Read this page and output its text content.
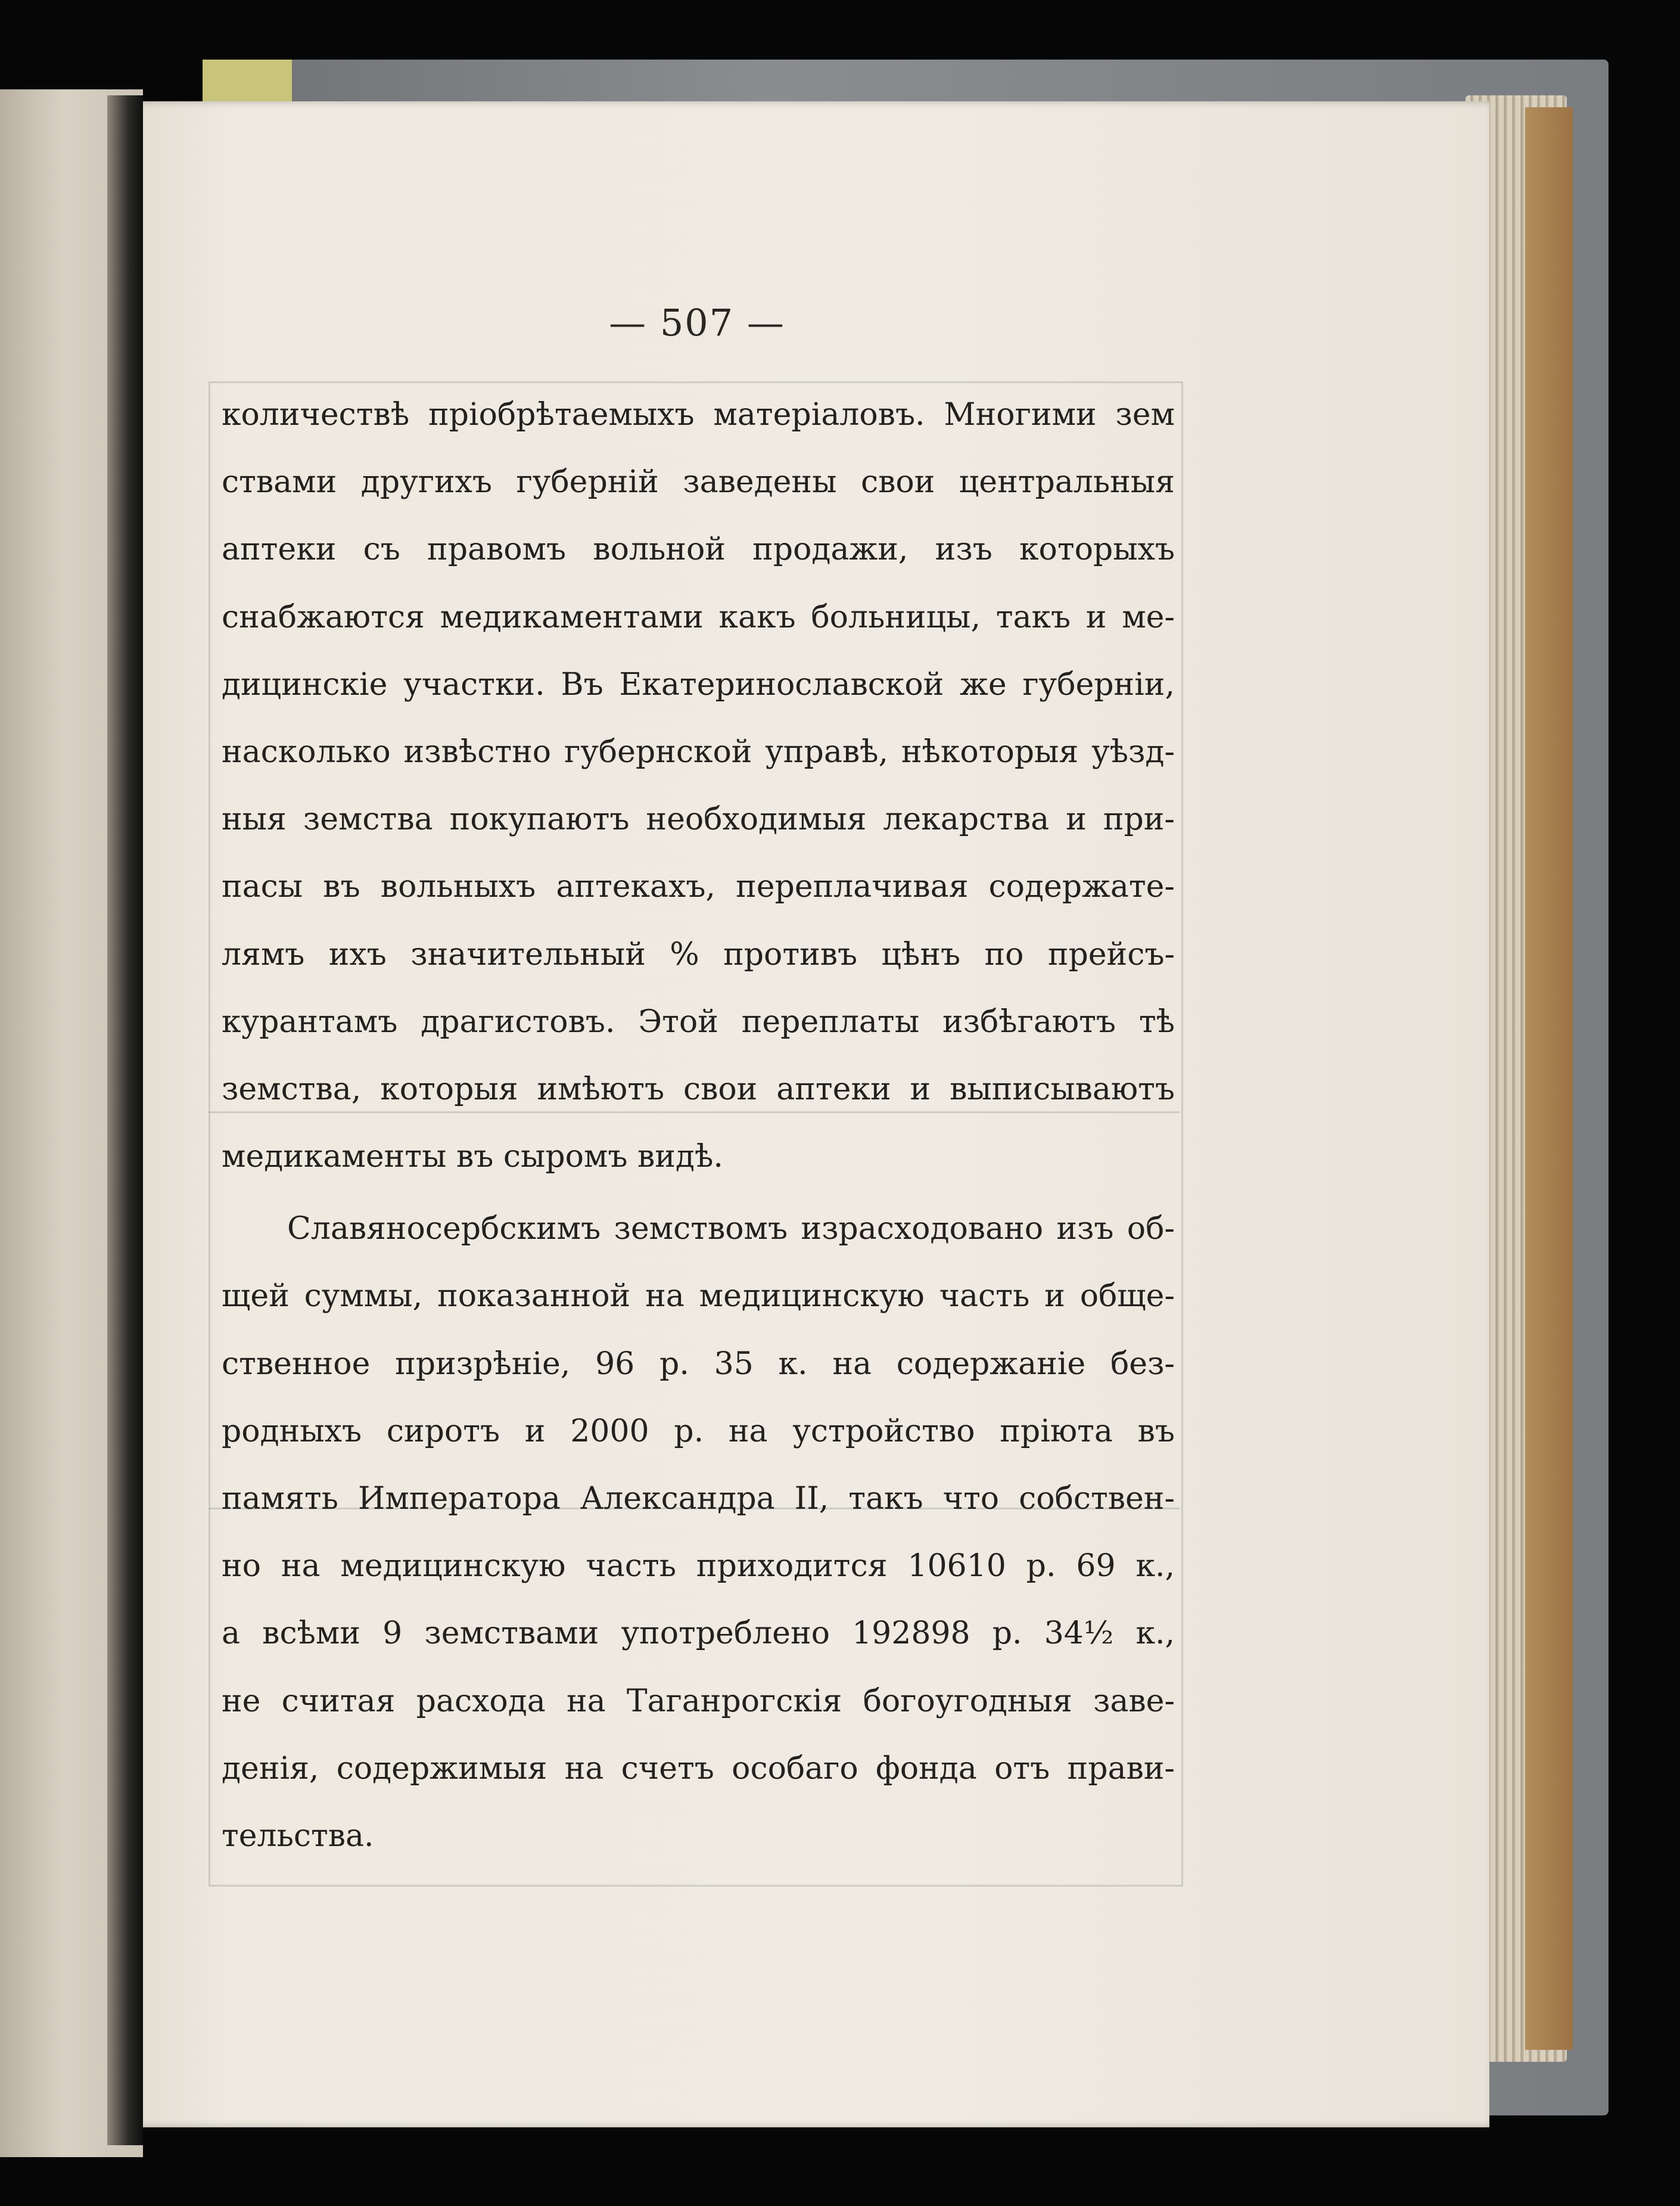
— 507 —
количествѣ пріобрѣтаемыхъ матеріаловъ. Многими зем
ствами другихъ губерній заведены свои центральныя
аптеки съ правомъ вольной продажи, изъ которыхъ
снабжаются медикаментами какъ больницы, такъ и ме-
дицинскіе участки. Въ Екатеринославской же губерніи,
насколько извѣстно губернской управѣ, нѣкоторыя уѣзд-
ныя земства покупаютъ необходимыя лекарства и при-
пасы въ вольныхъ аптекахъ, переплачивая содержате-
лямъ ихъ значительный % противъ цѣнъ по прейсъ-
курантамъ драгистовъ. Этой переплаты избѣгаютъ тѣ
земства, которыя имѣютъ свои аптеки и выписываютъ
медикаменты въ сыромъ видѣ.
Славяносербскимъ земствомъ израсходовано изъ об-
щей суммы, показанной на медицинскую часть и обще-
ственное призрѣніе, 96 р. 35 к. на содержаніе без-
родныхъ сиротъ и 2000 р. на устройство пріюта въ
память Императора Александра II, такъ что собствен-
но на медицинскую часть приходится 10610 р. 69 к.,
а всѣми 9 земствами употреблено 192898 р. 34½ к.,
не считая расхода на Таганрогскія богоугодныя заве-
денія, содержимыя на счетъ особаго фонда отъ прави-
тельства.
